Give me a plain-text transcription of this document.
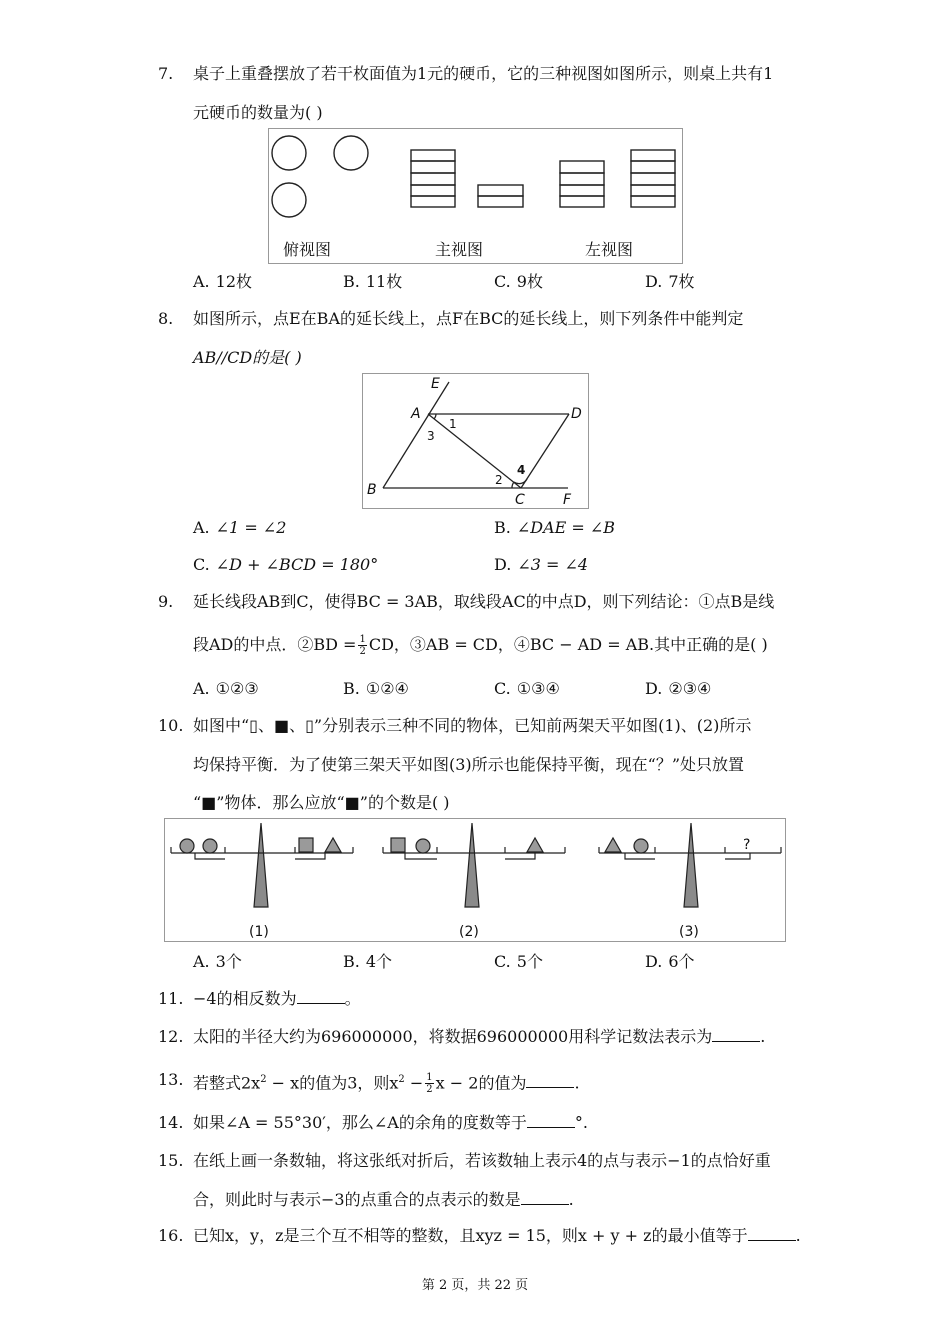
7. 桌子上重叠摆放了若干枚面值为1元的硬币，它的三种视图如图所示，则桌上共有1
元硬币的数量为( )
俯视图	主视图	左视图
A. 12枚	B. 11枚	C. 9枚	D. 7枚
8. 如图所示，点E在BA的延长线上，点F在BC的延长线上，则下列条件中能判定
AB//CD的是( )
E
A	D
B
C	F
1
2
3
4
A. ∠1 = ∠2	B. ∠DAE = ∠B
C. ∠D + ∠BCD = 180°	D. ∠3 = ∠4
9. 延长线段AB到C，使得BC = 3AB，取线段AC的中点D，则下列结论：①点B是线
段AD的中点．②BD = $\frac{1}{2}$ CD，③AB = CD，④BC − AD = AB.其中正确的是( )
A. ①②③	B. ①②④	C. ①③④	D. ②③④
10. 如图中“▯、■、▯”分别表示三种不同的物体，已知前两架天平如图(1)、(2)所示
均保持平衡．为了使第三架天平如图(3)所示也能保持平衡，现在“？”处只放置
“■”物体．那么应放“■”的个数是( )
?
(1)	(2)	(3)
A. 3个	B. 4个	C. 5个	D. 6个
11. −4的相反数为	。
12. 太阳的半径大约为696000000，将数据696000000用科学记数法表示为	.
13. 若整式$2x^2 - x$的值为3，则$x^2 - \frac{1}{2}$ x − 2的值为	.
14. 如果∠A = 55°30′，那么∠A的余角的度数等于	°.
15. 在纸上画一条数轴，将这张纸对折后，若该数轴上表示4的点与表示−1的点恰好重
合，则此时与表示−3的点重合的点表示的数是	.
16. 已知x，y，z是三个互不相等的整数，且xyz = 15，则x + y + z的最小值等于	.
第 2 页，共 22 页
